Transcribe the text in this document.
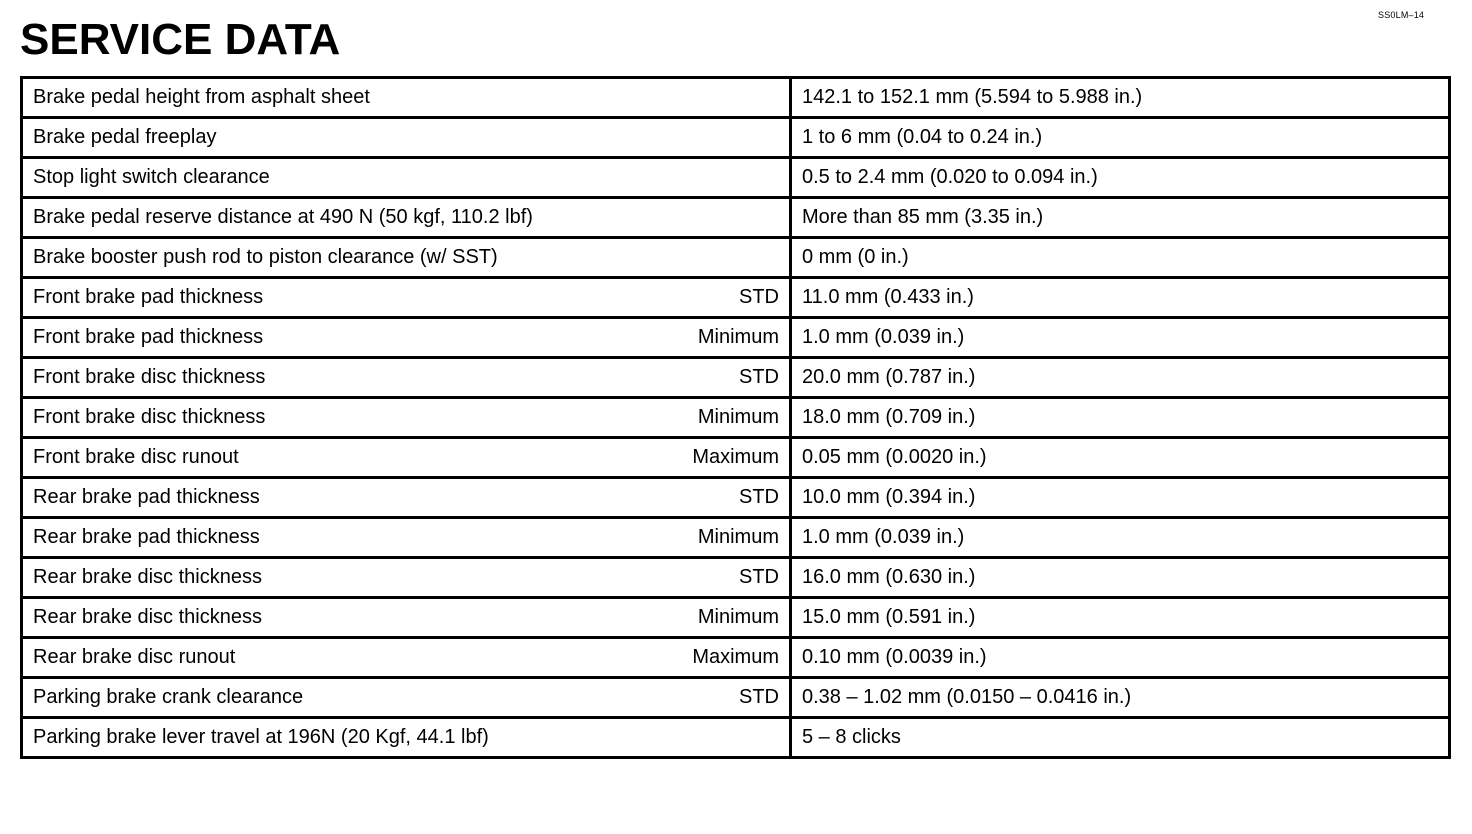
SS0LM–14
SERVICE DATA
Brake pedal height from asphalt sheet	142.1 to 152.1 mm (5.594 to 5.988 in.)

Brake pedal freeplay	1 to 6 mm (0.04 to 0.24 in.)

Stop light switch clearance	0.5 to 2.4 mm (0.020 to 0.094 in.)

Brake pedal reserve distance at 490 N (50 kgf, 110.2 lbf)	More than 85 mm (3.35 in.)

Brake booster push rod to piston clearance (w/ SST)	0 mm (0 in.)

Front brake pad thickness STD	11.0 mm (0.433 in.)

Front brake pad thickness Minimum	1.0 mm (0.039 in.)

Front brake disc thickness STD	20.0 mm (0.787 in.)

Front brake disc thickness Minimum	18.0 mm (0.709 in.)

Front brake disc runout Maximum	0.05 mm (0.0020 in.)

Rear brake pad thickness STD	10.0 mm (0.394 in.)

Rear brake pad thickness Minimum	1.0 mm (0.039 in.)

Rear brake disc thickness STD	16.0 mm (0.630 in.)

Rear brake disc thickness Minimum	15.0 mm (0.591 in.)

Rear brake disc runout Maximum	0.10 mm (0.0039 in.)

Parking brake crank clearance STD	0.38 – 1.02 mm (0.0150 – 0.0416 in.)

Parking brake lever travel at 196N (20 Kgf, 44.1 lbf)	5 – 8 clicks
